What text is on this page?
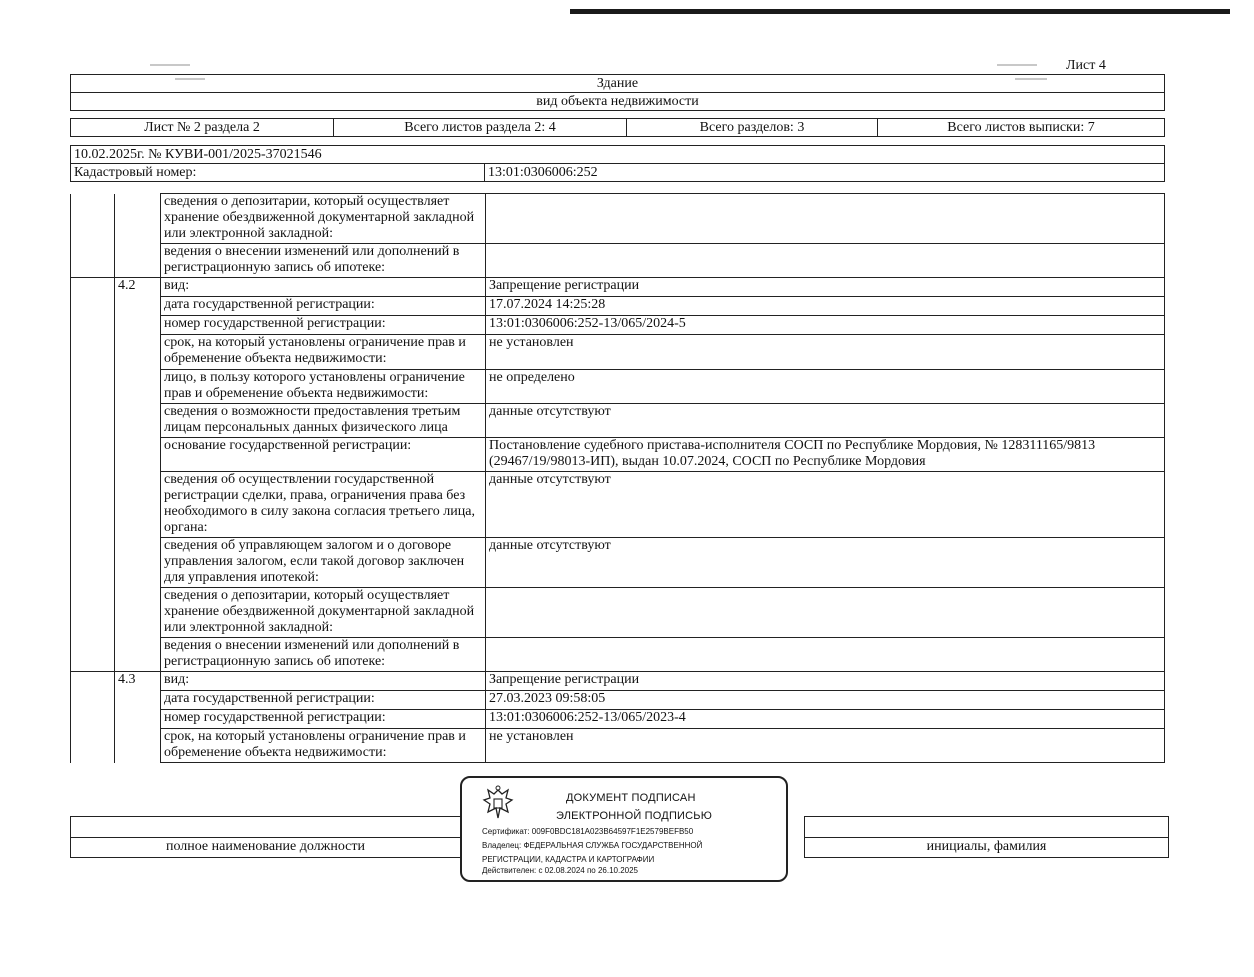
Лист 4
Здание
вид объекта недвижимости
Лист № 2 раздела 2	Всего листов раздела 2: 4	Всего разделов: 3	Всего листов выписки: 7
10.02.2025г. № КУВИ-001/2025-37021546
Кадастровый номер:	13:01:0306006:252
		сведения о депозитарии, который осуществляет хранение обездвиженной документарной закладной или электронной закладной:	
		ведения о внесении изменений или дополнений в регистрационную запись об ипотеке:	
	4.2	вид:	Запрещение регистрации
		дата государственной регистрации:	17.07.2024 14:25:28
		номер государственной регистрации:	13:01:0306006:252-13/065/2024-5
		срок, на который установлены ограничение прав и обременение объекта недвижимости:	не установлен
		лицо, в пользу которого установлены ограничение прав и обременение объекта недвижимости:	не определено
		сведения о возможности предоставления третьим лицам персональных данных физического лица	данные отсутствуют
		основание государственной регистрации:	Постановление судебного пристава-исполнителя СОСП по Республике Мордовия, № 128311165/9813 (29467/19/98013-ИП), выдан 10.07.2024, СОСП по Республике Мордовия
		сведения об осуществлении государственной регистрации сделки, права, ограничения права без необходимого в силу закона согласия третьего лица, органа:	данные отсутствуют
		сведения об управляющем залогом и о договоре управления залогом, если такой договор заключен для управления ипотекой:	данные отсутствуют
		сведения о депозитарии, который осуществляет хранение обездвиженной документарной закладной или электронной закладной:	
		ведения о внесении изменений или дополнений в регистрационную запись об ипотеке:	
	4.3	вид:	Запрещение регистрации
		дата государственной регистрации:	27.03.2023 09:58:05
		номер государственной регистрации:	13:01:0306006:252-13/065/2023-4
		срок, на который установлены ограничение прав и обременение объекта недвижимости:	не установлен

полное наименование должности		инициалы, фамилия
ДОКУМЕНТ ПОДПИСАН
ЭЛЕКТРОННОЙ ПОДПИСЬЮ
Сертификат: 009F0BDC181A023B64597F1E2579BEFB50
Владелец: ФЕДЕРАЛЬНАЯ СЛУЖБА ГОСУДАРСТВЕННОЙ
РЕГИСТРАЦИИ, КАДАСТРА И КАРТОГРАФИИ
Действителен: с 02.08.2024 по 26.10.2025
